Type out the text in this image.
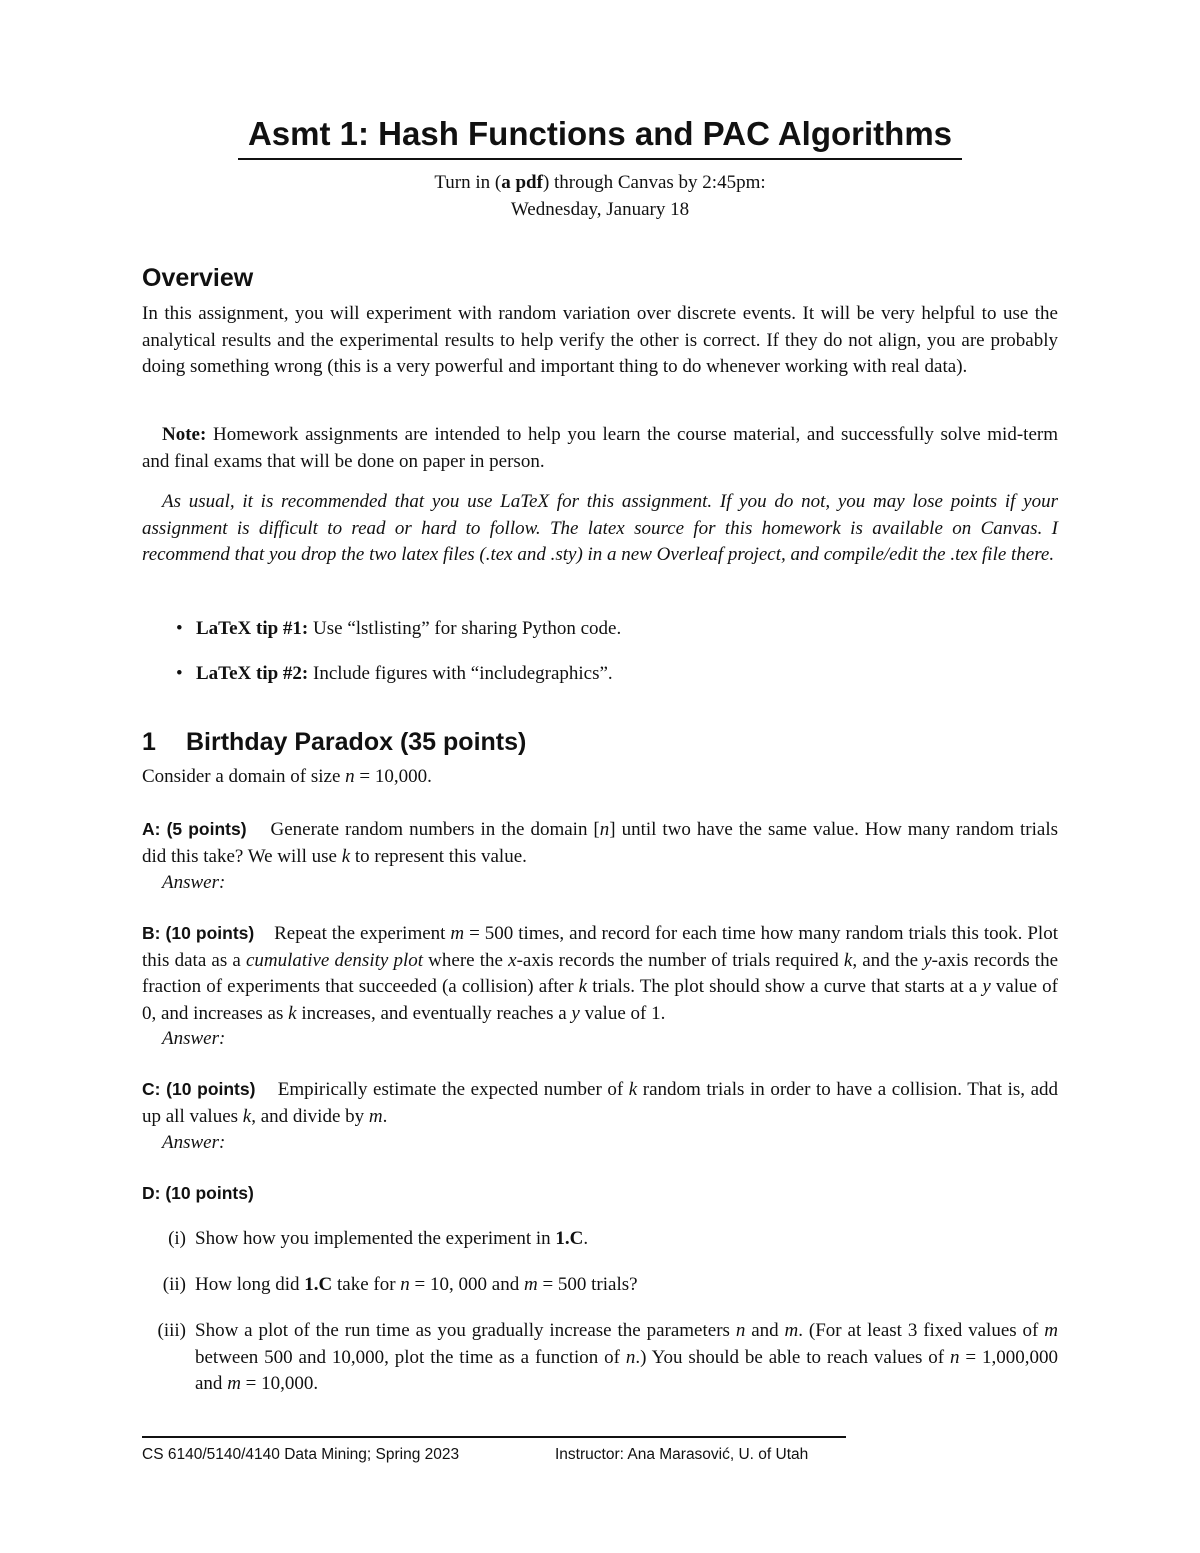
Asmt 1: Hash Functions and PAC Algorithms
Turn in (a pdf) through Canvas by 2:45pm:
Wednesday, January 18
Overview

In this assignment, you will experiment with random variation over discrete events. It will be very helpful to use the analytical results and the experimental results to help verify the other is correct. If they do not align, you are probably doing something wrong (this is a very powerful and important thing to do whenever working with real data).

Note: Homework assignments are intended to help you learn the course material, and successfully solve mid-term and final exams that will be done on paper in person.

As usual, it is recommended that you use LaTeX for this assignment. If you do not, you may lose points if your assignment is difficult to read or hard to follow. The latex source for this homework is available on Canvas. I recommend that you drop the two latex files (.tex and .sty) in a new Overleaf project, and compile/edit the .tex file there.

• LaTeX tip #1: Use “lstlisting” for sharing Python code.
• LaTeX tip #2: Include figures with “includegraphics”.
1 Birthday Paradox (35 points)

Consider a domain of size n = 10,000.

A: (5 points) Generate random numbers in the domain [n] until two have the same value. How many random trials did this take? We will use k to represent this value.

Answer:

B: (10 points) Repeat the experiment m = 500 times, and record for each time how many random trials this took. Plot this data as a cumulative density plot where the x-axis records the number of trials required k, and the y-axis records the fraction of experiments that succeeded (a collision) after k trials. The plot should show a curve that starts at a y value of 0, and increases as k increases, and eventually reaches a y value of 1.

Answer:

C: (10 points) Empirically estimate the expected number of k random trials in order to have a collision. That is, add up all values k, and divide by m.

Answer:

D: (10 points)

(i) Show how you implemented the experiment in 1.C.
(ii) How long did 1.C take for n = 10, 000 and m = 500 trials?
(iii) Show a plot of the run time as you gradually increase the parameters n and m. (For at least 3 fixed values of m between 500 and 10,000, plot the time as a function of n.) You should be able to reach values of n = 1,000,000 and m = 10,000.
CS 6140/5140/4140 Data Mining; Spring 2023	Instructor: Ana Marasović, U. of Utah
